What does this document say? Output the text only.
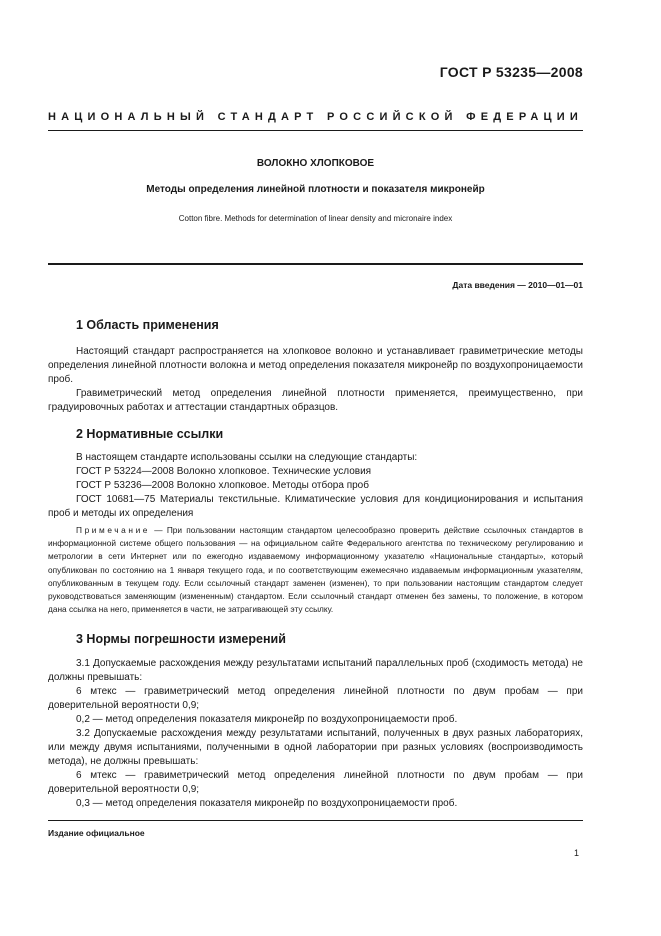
ГОСТ Р 53235—2008
НАЦИОНАЛЬНЫЙ СТАНДАРТ РОССИЙСКОЙ ФЕДЕРАЦИИ
ВОЛОКНО ХЛОПКОВОЕ
Методы определения линейной плотности и показателя микронейр
Cotton fibre. Methods for determination of linear density and micronaire index
Дата введения — 2010—01—01
1 Область применения
Настоящий стандарт распространяется на хлопковое волокно и устанавливает гравиметрические методы определения линейной плотности волокна и метод определения показателя микронейр по воздухопроницаемости проб.
Гравиметрический метод определения линейной плотности применяется, преимущественно, при градуировочных работах и аттестации стандартных образцов.
2 Нормативные ссылки
В настоящем стандарте использованы ссылки на следующие стандарты:
ГОСТ Р 53224—2008 Волокно хлопковое. Технические условия
ГОСТ Р 53236—2008 Волокно хлопковое. Методы отбора проб
ГОСТ 10681—75 Материалы текстильные. Климатические условия для кондиционирования и испытания проб и методы их определения
Примечание — При пользовании настоящим стандартом целесообразно проверить действие ссылочных стандартов в информационной системе общего пользования — на официальном сайте Федерального агентства по техническому регулированию и метрологии в сети Интернет или по ежегодно издаваемому информационному указателю «Национальные стандарты», который опубликован по состоянию на 1 января текущего года, и по соответствующим ежемесячно издаваемым информационным указателям, опубликованным в текущем году. Если ссылочный стандарт заменен (изменен), то при пользовании настоящим стандартом следует руководствоваться заменяющим (измененным) стандартом. Если ссылочный стандарт отменен без замены, то положение, в котором дана ссылка на него, применяется в части, не затрагивающей эту ссылку.
3 Нормы погрешности измерений
3.1 Допускаемые расхождения между результатами испытаний параллельных проб (сходимость метода) не должны превышать:
6 мтекс — гравиметрический метод определения линейной плотности по двум пробам — при доверительной вероятности 0,9;
0,2 — метод определения показателя микронейр по воздухопроницаемости проб.
3.2 Допускаемые расхождения между результатами испытаний, полученных в двух разных лабораториях, или между двумя испытаниями, полученными в одной лаборатории при разных условиях (воспроизводимость метода), не должны превышать:
6 мтекс — гравиметрический метод определения линейной плотности по двум пробам — при доверительной вероятности 0,9;
0,3 — метод определения показателя микронейр по воздухопроницаемости проб.
Издание официальное
1
